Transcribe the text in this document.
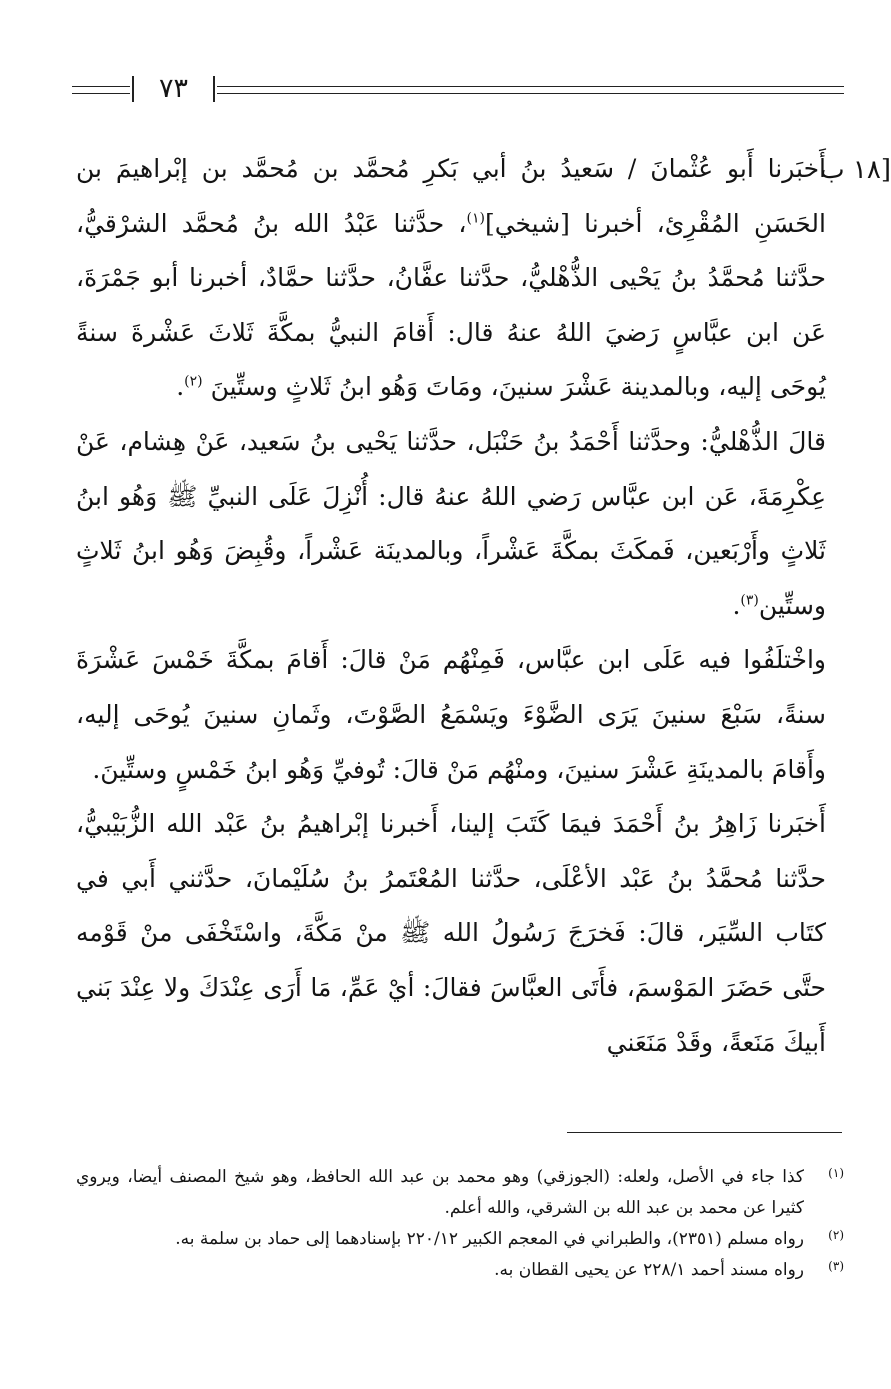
٧٣
[١٨ ب

أَخبَرنا أَبو عُثْمانَ / سَعيدُ بنُ أبي بَكرِ مُحمَّد بن مُحمَّد بن إبْراهيمَ بن الحَسَنِ المُقْرِئ، أخبرنا [شيخي]$^{(١)}$، حدَّثنا عَبْدُ الله بنُ مُحمَّد الشرْقيُّ، حدَّثنا مُحمَّدُ بنُ يَحْيى الذُّهْليُّ، حدَّثنا عفَّانُ، حدَّثنا حمَّادٌ، أخبرنا أبو جَمْرَةَ، عَن ابن عبَّاسٍ رَضيَ اللهُ عنهُ قال: أَقامَ النبيُّ بمكَّةَ ثَلاثَ عَشْرةَ سنةً يُوحَى إليه، وبالمدينة عَشْرَ سنينَ، ومَاتَ وَهُو ابنُ ثَلاثٍ وستِّينَ $^{(٢)}$.

قالَ الذُّهْليُّ: وحدَّثنا أَحْمَدُ بنُ حَنْبَل، حدَّثنا يَحْيى بنُ سَعيد، عَنْ هِشام، عَنْ عِكْرِمَةَ، عَن ابن عبَّاس رَضي اللهُ عنهُ قال: أُنْزِلَ عَلَى النبيِّ ﷺ وَهُو ابنُ ثَلاثٍ وأَرْبَعين، فَمكَثَ بمكَّةَ عَشْراً، وبالمدينَة عَشْراً، وقُبِضَ وَهُو ابنُ ثَلاثٍ وستِّين$^{(٣)}$.

واخْتلَفُوا فيه عَلَى ابن عبَّاس، فَمِنْهُم مَنْ قالَ: أَقامَ بمكَّةَ خَمْسَ عَشْرَةَ سنةً، سَبْعَ سنينَ يَرَى الضَّوْءَ ويَسْمَعُ الصَّوْتَ، وثَمانِ سنينَ يُوحَى إليه، وأَقامَ بالمدينَةِ عَشْرَ سنينَ، ومنْهُم مَنْ قالَ: تُوفيِّ وَهُو ابنُ خَمْسٍ وستِّينَ.

أَخبَرنا زَاهِرُ بنُ أَحْمَدَ فيمَا كَتَبَ إلينا، أَخبرنا إبْراهيمُ بنُ عَبْد الله الزُّبَيْبيُّ، حدَّثنا مُحمَّدُ بنُ عَبْد الأعْلَى، حدَّثنا المُعْتَمرُ بنُ سُلَيْمانَ، حدَّثني أَبي في كتَاب السِّيَر، قالَ: فَخرَجَ رَسُولُ الله ﷺ منْ مَكَّةَ، واسْتَخْفَى منْ قَوْمه حتَّى حَضَرَ المَوْسمَ، فأَتَى العبَّاسَ فقالَ: أيْ عَمِّ، مَا أَرَى عِنْدَكَ ولا عِنْدَ بَني أَبيكَ مَنَعةً، وقَدْ مَنَعَني

(١)
كذا جاء في الأصل، ولعله: (الجوزقي) وهو محمد بن عبد الله الحافظ، وهو شيخ المصنف أيضا، ويروي كثيرا عن محمد بن عبد الله بن الشرقي، والله أعلم.
(٢)
رواه مسلم (٢٣٥١)، والطبراني في المعجم الكبير ٢٢٠/١٢ بإسنادهما إلى حماد بن سلمة به.
(٣)
رواه مسند أحمد ٢٢٨/١ عن يحيى القطان به.
